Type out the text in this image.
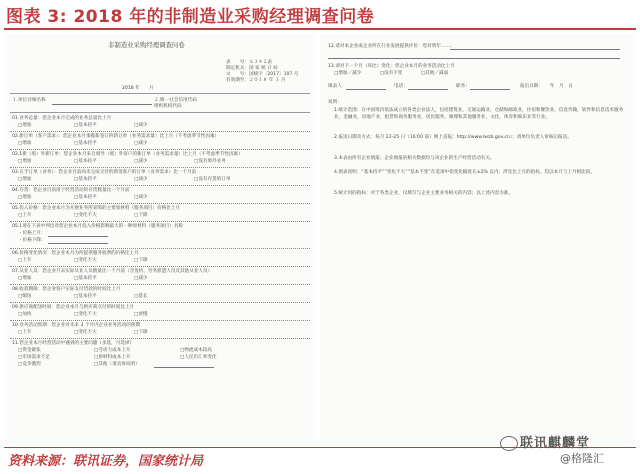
图表 3: 2018 年的非制造业采购经理调查问卷
非制造业采购经理调查问卷
表　　号：Ｓ３４２表
制定机关：国 家 统 计 局
文　　号：国统字〔2017〕107 号
有效期至：２０１８ 年 １ 月
2018 年　　月
１.单位详细名称	２.统一社会信用代码
组织机构代码
01.业务总量：您企业本月完成的业务总量比上月
□增加	□基本持平	□减少
02.新订单（客户需求）：您企业本月承揽新签订的新订单（业务需求量）比上月（不考虑季节性因素）
□增加	□基本持平	□减少
02.1新（境）外新订单：您企业本月来自境外（境）外客户的新订单（业务需求量）比上月（不考虑季节性因素）
□增加	□基本持平	□减少	□没有境外业务
03.在手订单（业务）：您企业目前尚未完成交付的新签客户的订单（业务需求）比一个月前
□增加	□基本持平	□减少	□没有存货的订单
04.存货：您企业目前用于经营活动的存货数量比一个月前
□增加	□基本持平	□减少
05.投入价格：您企业本月为开展业务所采购的主要原材料（服务项目）价格比上月
□上升	□变化不大	□下降
05.1请在下表中列出对您企业本月投入价格影响最大的一种原材料（服务项目）名称
・价格上升：
・价格下降：
06.价格变化情况：您企业本月为所提供服务收费的价格比上月
□上升	□变化不大	□下降
07.从业人员：您企业月末实际从业人员数量比一个月前（含签约、劳务派遣人员及其他从业人员）
□增加	□基本持平	□减少
08.收款期限：您企业客户实际支付货款的时间比上月
□缩短	□基本持平	□延长
09.供应商配送时间：您企业本月与供应商交付的时间比上月
□加快	□变化不大	□放慢
10.业务活动预期：您企业对未来 3 个月内企业业务活动的预期
□上升	□变化不大	□下降
11.您企业本月经营活动中遇到的主要问题（多选，可选择）
□资金紧张	□劳动力成本上升	□物流成本较高
□市场需求不足	□原材料成本上升	□人民币汇率变化
□竞争激烈	□其他（请具体说明）
12.请对本企业或企业所在行业发展提供评价：您对明年........
13.请对下一个月（环比）变化：您企业本月的业务活动比上月
□增加／减少　　　　□没有不变　　　　□其他／减弱
填表人：	电话：	职务：	报出日期：　　年　月　日
说明：
1.统计范围：在中国境内依法成立的各类企业法人，包括建筑业，交通运输业，仓储和邮政业，住宿和餐饮业，信息传输，软件和信息技术服务业，金融业，房地产业，租赁和商务服务业，居民服务，修理和其他服务业，文化，体育和娱乐业等行业。
2.报送日期及方式：每月 22-25 日（16:00 前）网上直报；http://www.lwzb.gov.cn）；请单位负责人审核后报送。
3.本表由所有企业填报；企业填报的相关数据均与该企业的生产经营活动有关。
4.填表说明：“基本持平”“变化不大”“基本不变”在选项中指变化幅度在±2% 以内；涉及比上月的指标，均以本月与上月相比较。
5.统计用的指标：对于各类企业，仅填写与企业主要业务相关的内容；以上述内容为准。
资料来源：联讯证券，国家统计局
联讯麒麟堂
@格隆汇
